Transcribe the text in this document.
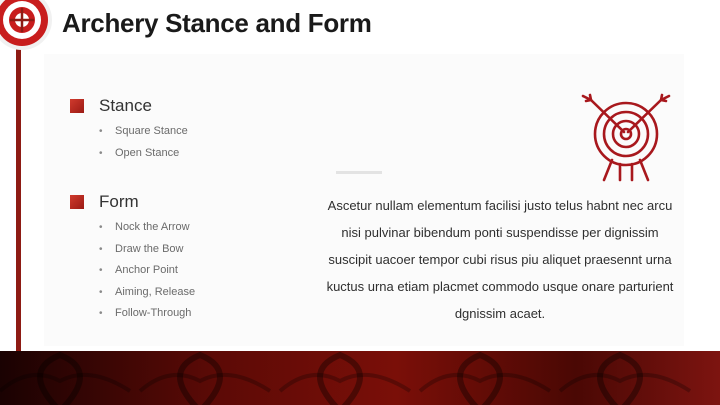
Archery Stance and Form
Stance
• Square Stance
• Open Stance
Form
• Nock the Arrow
• Draw the Bow
• Anchor Point
• Aiming, Release
• Follow-Through
Ascetur nullam elementum facilisi justo telus habnt nec arcu nisi pulvinar bibendum ponti suspendisse per dignissim suscipit uacoer tempor cubi risus piu aliquet praesennt urna kuctus urna etiam placmet commodo usque onare parturient dgnissim acaet.
